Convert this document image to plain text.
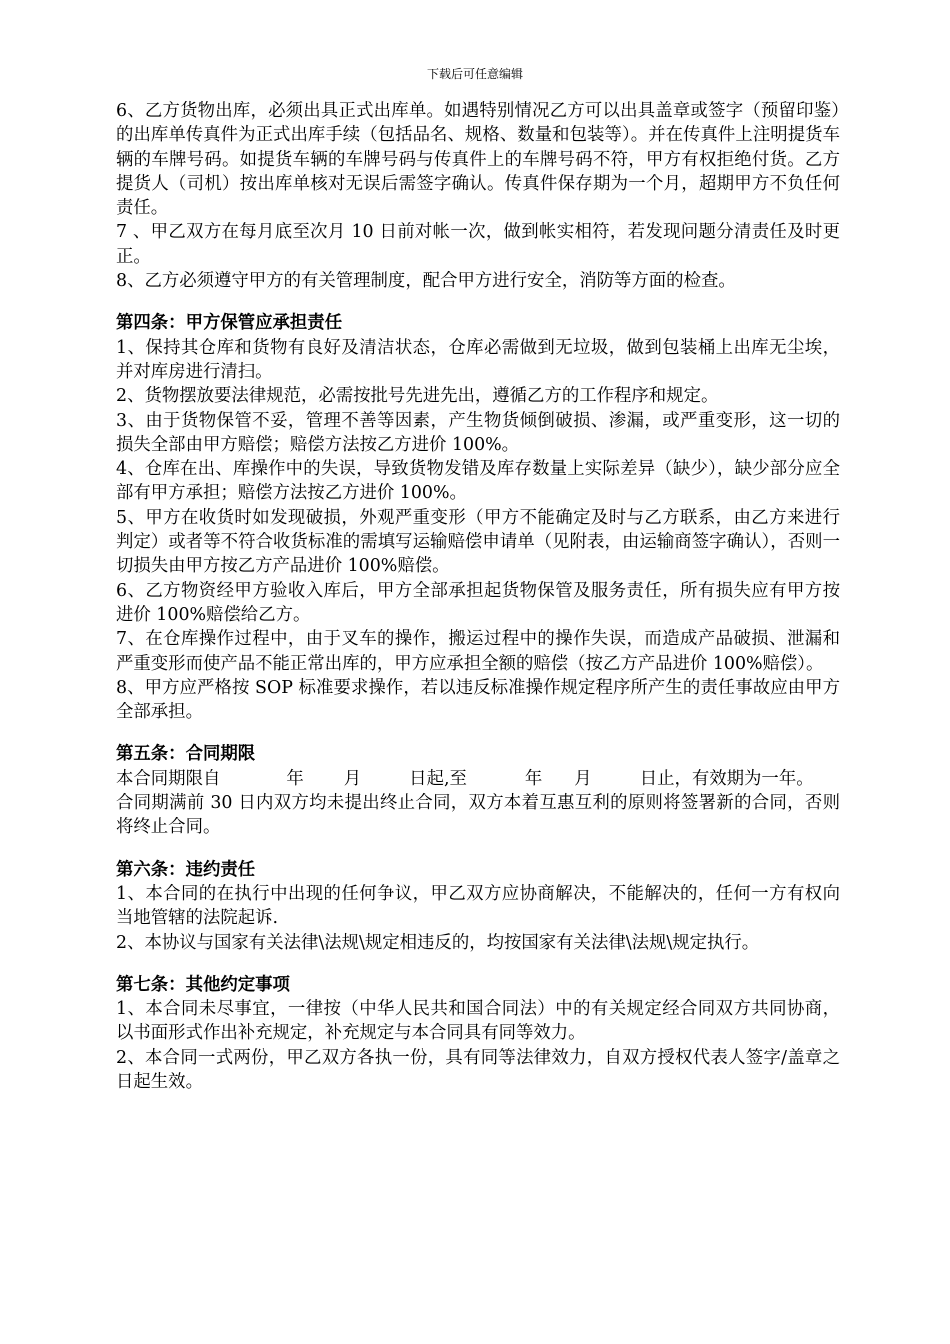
下载后可任意编辑

6、乙方货物出库，必须出具正式出库单。如遇特别情况乙方可以出具盖章或签字（预留印鉴）的出库单传真件为正式出库手续（包括品名、规格、数量和包装等）。并在传真件上注明提货车辆的车牌号码。如提货车辆的车牌号码与传真件上的车牌号码不符，甲方有权拒绝付货。乙方提货人（司机）按出库单核对无误后需签字确认。传真件保存期为一个月，超期甲方不负任何责任。

7 、甲乙双方在每月底至次月 10 日前对帐一次，做到帐实相符，若发现问题分清责任及时更正。

8、乙方必须遵守甲方的有关管理制度，配合甲方进行安全，消防等方面的检查。

第四条：甲方保管应承担责任

1、保持其仓库和货物有良好及清洁状态，仓库必需做到无垃圾，做到包装桶上出库无尘埃，并对库房进行清扫。

2、货物摆放要法律规范，必需按批号先进先出，遵循乙方的工作程序和规定。

3、由于货物保管不妥，管理不善等因素，产生物货倾倒破损、渗漏，或严重变形，这一切的损失全部由甲方赔偿；赔偿方法按乙方进价 100%。

4、仓库在出、库操作中的失误，导致货物发错及库存数量上实际差异（缺少），缺少部分应全部有甲方承担；赔偿方法按乙方进价 100%。

5、甲方在收货时如发现破损，外观严重变形（甲方不能确定及时与乙方联系，由乙方来进行判定）或者等不符合收货标准的需填写运输赔偿申请单（见附表，由运输商签字确认），否则一切损失由甲方按乙方产品进价 100%赔偿。

6、乙方物资经甲方验收入库后，甲方全部承担起货物保管及服务责任，所有损失应有甲方按进价 100%赔偿给乙方。

7、在仓库操作过程中，由于叉车的操作，搬运过程中的操作失误，而造成产品破损、泄漏和严重变形而使产品不能正常出库的，甲方应承担全额的赔偿（按乙方产品进价 100%赔偿）。

8、甲方应严格按 SOP 标准要求操作，若以违反标准操作规定程序所产生的责任事故应由甲方全部承担。

第五条：合同期限

本合同期限自	年 月	日起,至	年 月	日止，有效期为一年。

合同期满前 30 日内双方均未提出终止合同，双方本着互惠互利的原则将签署新的合同，否则将终止合同。

第六条：违约责任

1、本合同的在执行中出现的任何争议，甲乙双方应协商解决，不能解决的，任何一方有权向当地管辖的法院起诉.

2、本协议与国家有关法律\法规\规定相违反的，均按国家有关法律\法规\规定执行。

第七条：其他约定事项

1、本合同未尽事宜，一律按（中华人民共和国合同法）中的有关规定经合同双方共同协商，以书面形式作出补充规定，补充规定与本合同具有同等效力。

2、本合同一式两份，甲乙双方各执一份，具有同等法律效力，自双方授权代表人签字/盖章之日起生效。
